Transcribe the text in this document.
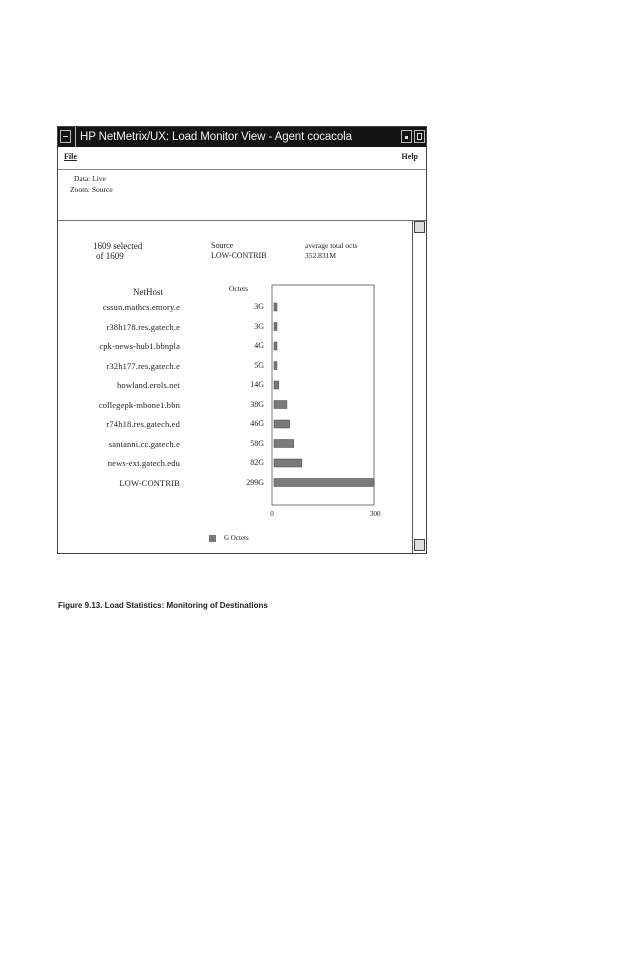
HP NetMetrix/UX: Load Monitor View - Agent cocacola
File	Help
Data: Live
Zoom: Source
1609 selected
of 1609
Source
LOW-CONTRIB
average total octs
352.831M
NetHost	Octets
0	300
G Octets
cssun.mathcs.emory.e	3G
r38h178.res.gatech.e	3G
cpk-news-hub1.bbnpla	4G
r32h177.res.gatech.e	5G
howland.erols.net	14G
collegepk-mbone1.bbn	38G
r74h18.res.gatech.ed	46G
santanni.cc.gatech.e	58G
news-ext.gatech.edu	82G
LOW-CONTRIB	299G
Figure 9.13. Load Statistics: Monitoring of Destinations
